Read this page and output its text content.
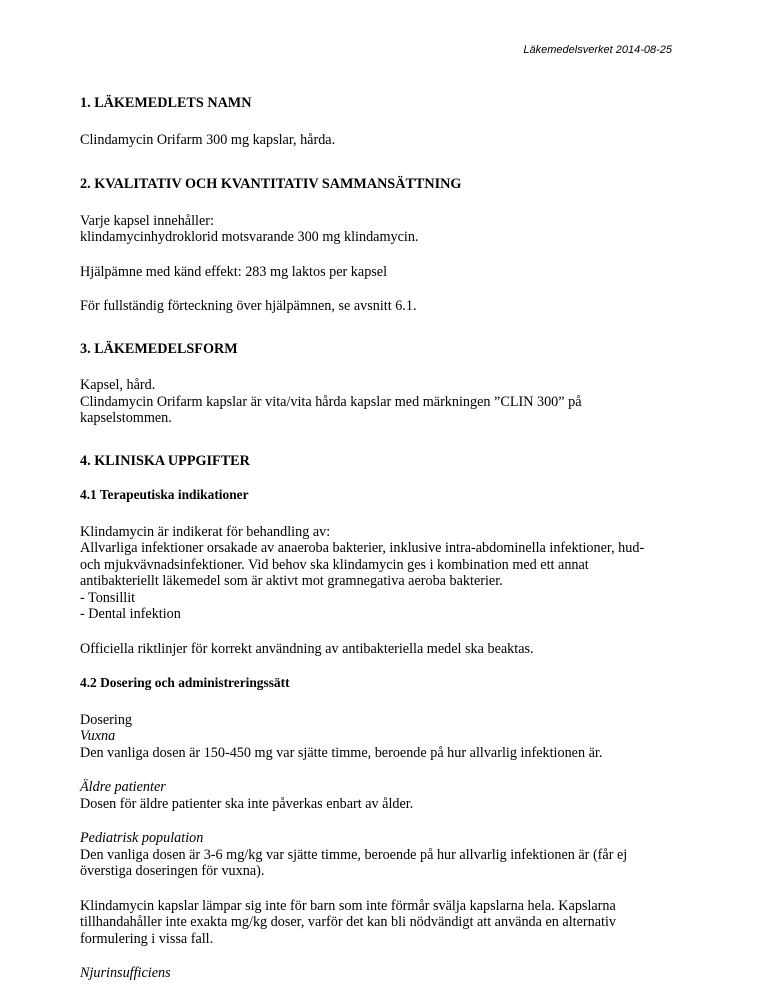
Läkemedelsverket 2014-08-25
1. LÄKEMEDLETS NAMN

Clindamycin Orifarm 300 mg kapslar, hårda.

2. KVALITATIV OCH KVANTITATIV SAMMANSÄTTNING

Varje kapsel innehåller:

klindamycinhydroklorid motsvarande 300 mg klindamycin.

Hjälpämne med känd effekt: 283 mg laktos per kapsel

För fullständig förteckning över hjälpämnen, se avsnitt 6.1.

3. LÄKEMEDELSFORM

Kapsel, hård.

Clindamycin Orifarm kapslar är vita/vita hårda kapslar med märkningen ”CLIN 300” på

kapselstommen.

4. KLINISKA UPPGIFTER
4.1 Terapeutiska indikationer

Klindamycin är indikerat för behandling av:

Allvarliga infektioner orsakade av anaeroba bakterier, inklusive intra-abdominella infektioner, hud-

och mjukvävnadsinfektioner. Vid behov ska klindamycin ges i kombination med ett annat

antibakteriellt läkemedel som är aktivt mot gramnegativa aeroba bakterier.

- Tonsillit

- Dental infektion

Officiella riktlinjer för korrekt användning av antibakteriella medel ska beaktas.

4.2 Dosering och administreringssätt

Dosering

Vuxna

Den vanliga dosen är 150-450 mg var sjätte timme, beroende på hur allvarlig infektionen är.

Äldre patienter

Dosen för äldre patienter ska inte påverkas enbart av ålder.

Pediatrisk population

Den vanliga dosen är 3-6 mg/kg var sjätte timme, beroende på hur allvarlig infektionen är (får ej

överstiga doseringen för vuxna).

Klindamycin kapslar lämpar sig inte för barn som inte förmår svälja kapslarna hela. Kapslarna

tillhandahåller inte exakta mg/kg doser, varför det kan bli nödvändigt att använda en alternativ

formulering i vissa fall.

Njurinsufficiens
